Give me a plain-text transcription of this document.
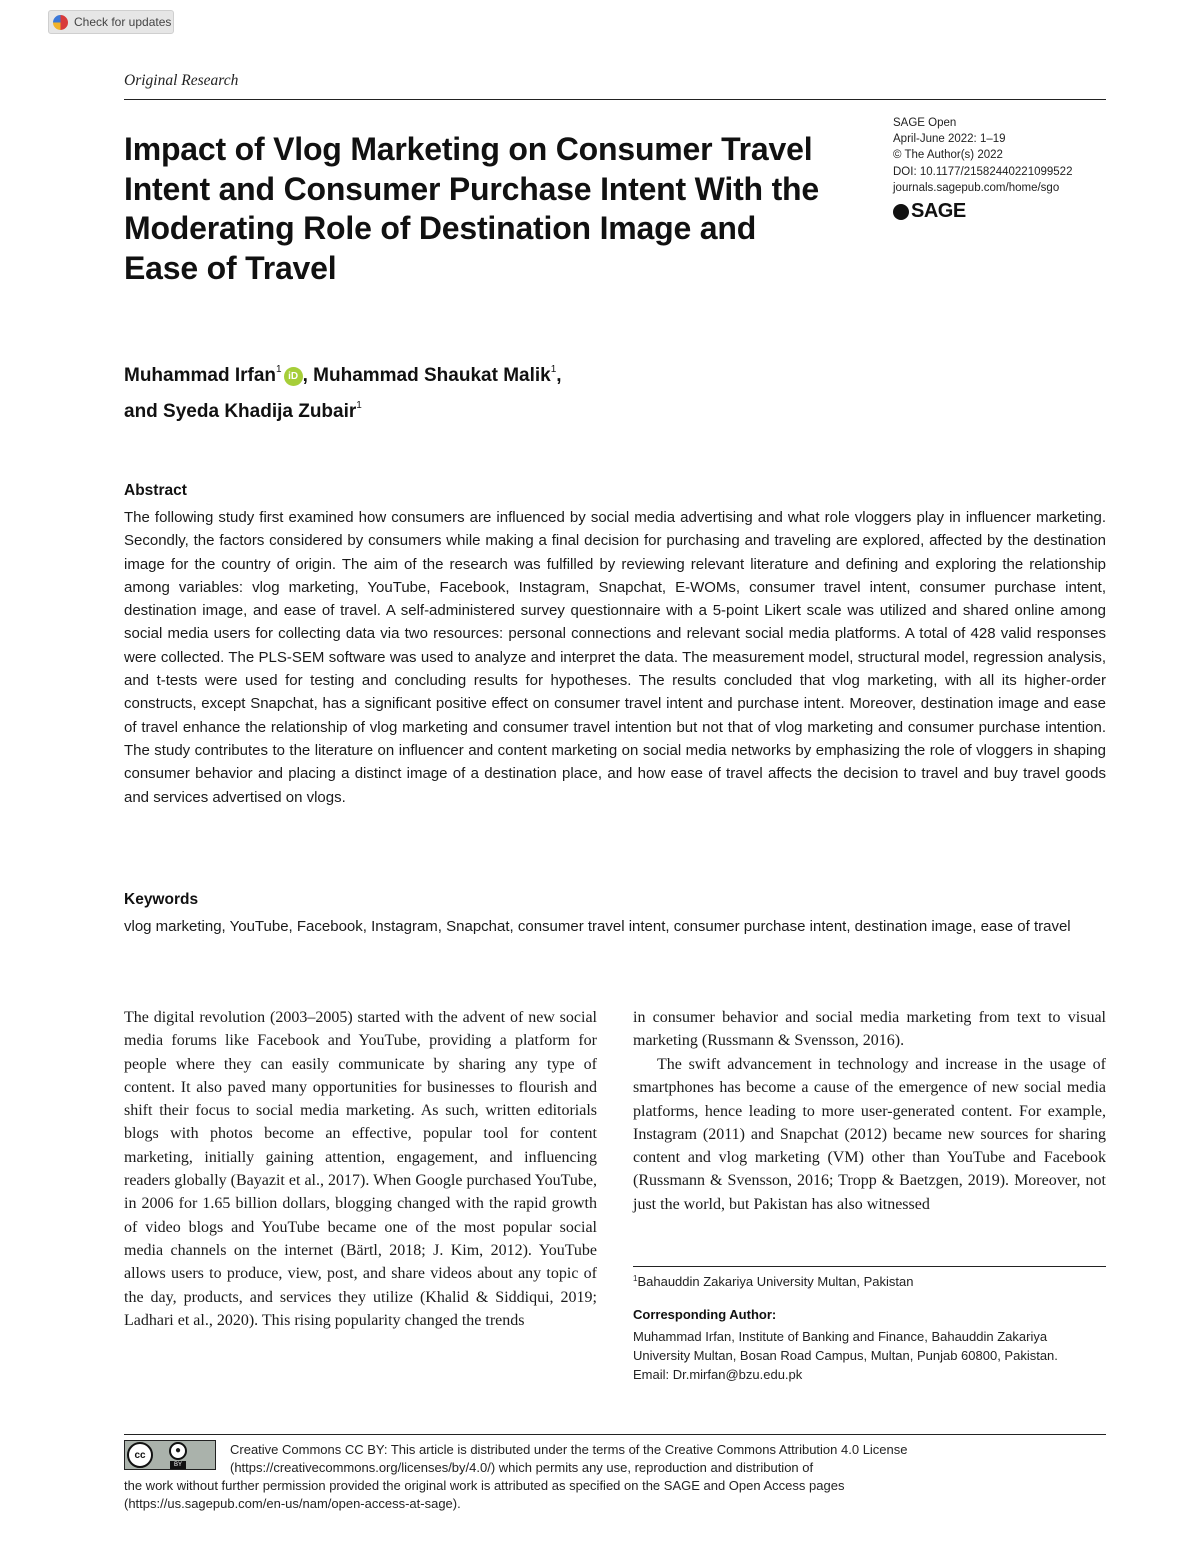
Check for updates
Original Research
Impact of Vlog Marketing on Consumer Travel Intent and Consumer Purchase Intent With the Moderating Role of Destination Image and Ease of Travel
SAGE Open
April-June 2022: 1–19
© The Author(s) 2022
DOI: 10.1177/21582440221099522
journals.sagepub.com/home/sgo
SAGE
Muhammad Irfan$^1$iD , Muhammad Shaukat Malik$^1$,
and Syeda Khadija Zubair$^1$
Abstract

The following study first examined how consumers are influenced by social media advertising and what role vloggers play in influencer marketing. Secondly, the factors considered by consumers while making a final decision for purchasing and traveling are explored, affected by the destination image for the country of origin. The aim of the research was fulfilled by reviewing relevant literature and defining and exploring the relationship among variables: vlog marketing, YouTube, Facebook, Instagram, Snapchat, E-WOMs, consumer travel intent, consumer purchase intent, destination image, and ease of travel. A self-administered survey questionnaire with a 5-point Likert scale was utilized and shared online among social media users for collecting data via two resources: personal connections and relevant social media platforms. A total of 428 valid responses were collected. The PLS-SEM software was used to analyze and interpret the data. The measurement model, structural model, regression analysis, and t-tests were used for testing and concluding results for hypotheses. The results concluded that vlog marketing, with all its higher-order constructs, except Snapchat, has a significant positive effect on consumer travel intent and purchase intent. Moreover, destination image and ease of travel enhance the relationship of vlog marketing and consumer travel intention but not that of vlog marketing and consumer purchase intention. The study contributes to the literature on influencer and content marketing on social media networks by emphasizing the role of vloggers in shaping consumer behavior and placing a distinct image of a destination place, and how ease of travel affects the decision to travel and buy travel goods and services advertised on vlogs.

Keywords

vlog marketing, YouTube, Facebook, Instagram, Snapchat, consumer travel intent, consumer purchase intent, destination image, ease of travel

The digital revolution (2003–2005) started with the advent of new social media forums like Facebook and YouTube, providing a platform for people where they can easily communicate by sharing any type of content. It also paved many opportunities for businesses to flourish and shift their focus to social media marketing. As such, written editorials blogs with photos become an effective, popular tool for content marketing, initially gaining attention, engagement, and influencing readers globally (Bayazit et al., 2017). When Google purchased YouTube, in 2006 for 1.65 billion dollars, blogging changed with the rapid growth of video blogs and YouTube became one of the most popular social media channels on the internet (Bärtl, 2018; J. Kim, 2012). YouTube allows users to produce, view, post, and share videos about any topic of the day, products, and services they utilize (Khalid & Siddiqui, 2019; Ladhari et al., 2020). This rising popularity changed the trends

in consumer behavior and social media marketing from text to visual marketing (Russmann & Svensson, 2016).

The swift advancement in technology and increase in the usage of smartphones has become a cause of the emergence of new social media platforms, hence leading to more user-generated content. For example, Instagram (2011) and Snapchat (2012) became new sources for sharing content and vlog marketing (VM) other than YouTube and Facebook (Russmann & Svensson, 2016; Tropp & Baetzgen, 2019). Moreover, not just the world, but Pakistan has also witnessed

$^1$Bahauddin Zakariya University Multan, Pakistan
Corresponding Author:
Muhammad Irfan, Institute of Banking and Finance, Bahauddin Zakariya
University Multan, Bosan Road Campus, Multan, Punjab 60800, Pakistan.
Email: Dr.mirfan@bzu.edu.pk
cc	●
BY
Creative Commons CC BY: This article is distributed under the terms of the Creative Commons Attribution 4.0 License
(https://creativecommons.org/licenses/by/4.0/) which permits any use, reproduction and distribution of
the work without further permission provided the original work is attributed as specified on the SAGE and Open Access pages
(https://us.sagepub.com/en-us/nam/open-access-at-sage).
